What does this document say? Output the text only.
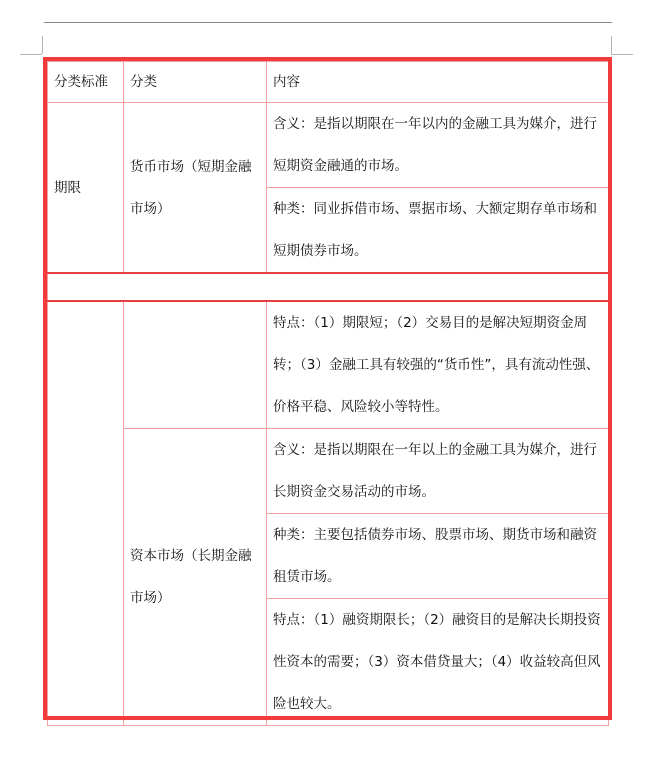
分类标准	分类	内容
期限	货币市场（短期金融市场）	含义：是指以期限在一年以内的金融工具为媒介，进行短期资金融通的市场。
		种类：同业拆借市场、票据市场、大额定期存单市场和短期债券市场。

		特点：（1）期限短；（2）交易目的是解决短期资金周转；（3）金融工具有较强的“货币性”，具有流动性强、价格平稳、风险较小等特性。
	资本市场（长期金融市场）	含义：是指以期限在一年以上的金融工具为媒介，进行长期资金交易活动的市场。
		种类：主要包括债券市场、股票市场、期货市场和融资租赁市场。
		特点：（1）融资期限长；（2）融资目的是解决长期投资性资本的需要；（3）资本借贷量大；（4）收益较高但风险也较大。
